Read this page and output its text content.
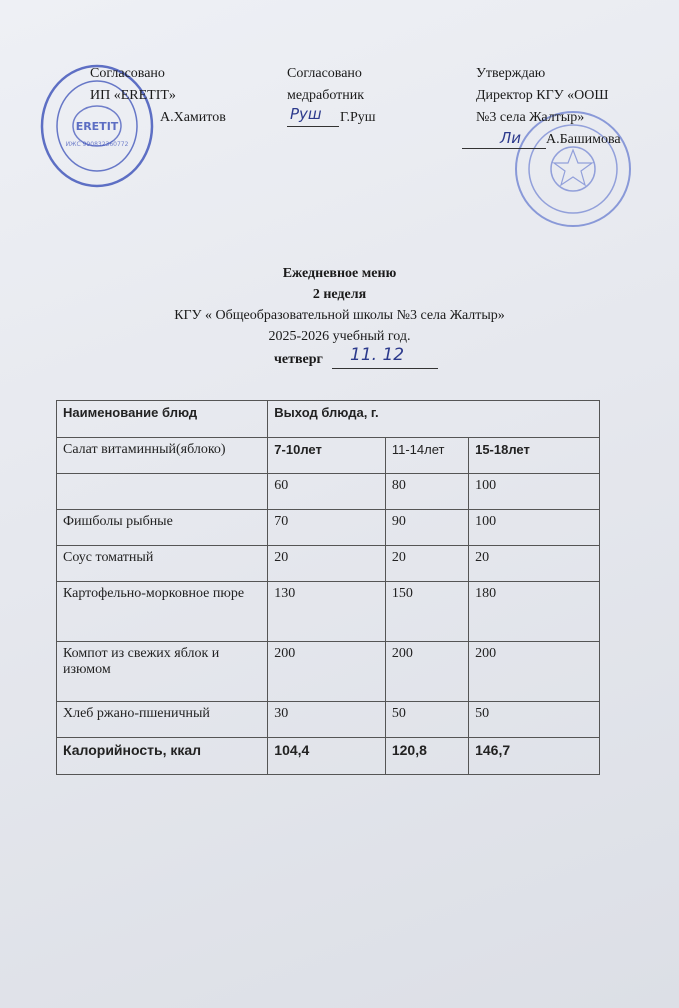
ERETIT
ИЖС 990832360772
Согласовано
ИП «ERETIT»
А.Хамитов
Согласовано
медработник
Руш Г.Руш
Утверждаю
Директор КГУ «ООШ
№3 села Жалтыр»
Ли А.Башимова
Ежедневное меню
2 неделя
КГУ « Общеобразовательной школы №3 села Жалтыр»
2025-2026 учебный год.
четверг 11. 12
Наименование блюд	Выход блюда, г.		
Салат витаминный(яблоко)	7-10лет	11-14лет	15-18лет
	60	80	100
Фишболы рыбные	70	90	100
Соус томатный	20	20	20
Картофельно-морковное пюре	130	150	180
Компот из свежих яблок и изюмом	200	200	200
Хлеб ржано-пшеничный	30	50	50
Калорийность, ккал	104,4	120,8	146,7
